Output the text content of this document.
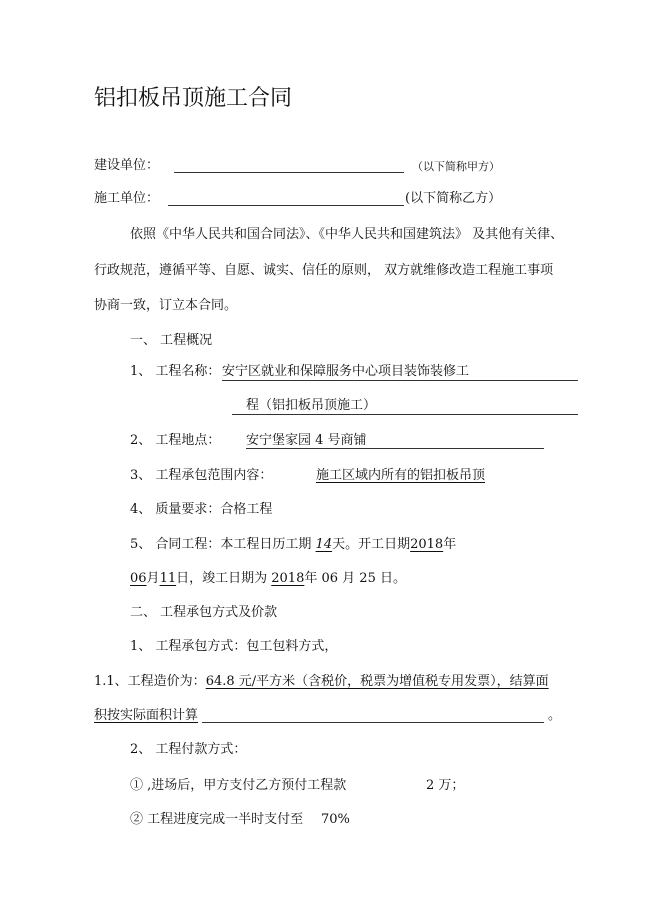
铝扣板吊顶施工合同
建设单位：	（以下简称甲方）
施工单位：	(以下简称乙方）
依照《中华人民共和国合同法》、《中华人民共和国建筑法》 及其他有关律、
行政规范，遵循平等、自愿、诚实、信任的原则， 双方就维修改造工程施工事项
协商一致，订立本合同。
一、 工程概况
1、 工程名称： 安宁区就业和保障服务中心项目装饰装修工
程（铝扣板吊顶施工）
2、 工程地点： 安宁堡家园 4 号商铺
3、 工程承包范围内容：	施工区域内所有的铝扣板吊顶
4、 质量要求：合格工程
5、 合同工程：本工程日历工期 14天。开工日期2018年
06月11日，竣工日期为 2018年 06 月 25 日。
二、 工程承包方式及价款
1、 工程承包方式：包工包料方式，
1.1、工程造价为：64.8 元/平方米（含税价，税票为增值税专用发票），结算面
积按实际面积计算	。
2、 工程付款方式：
① ,进场后，甲方支付乙方预付工程款	2 万；
② 工程进度完成一半时支付至 70%
